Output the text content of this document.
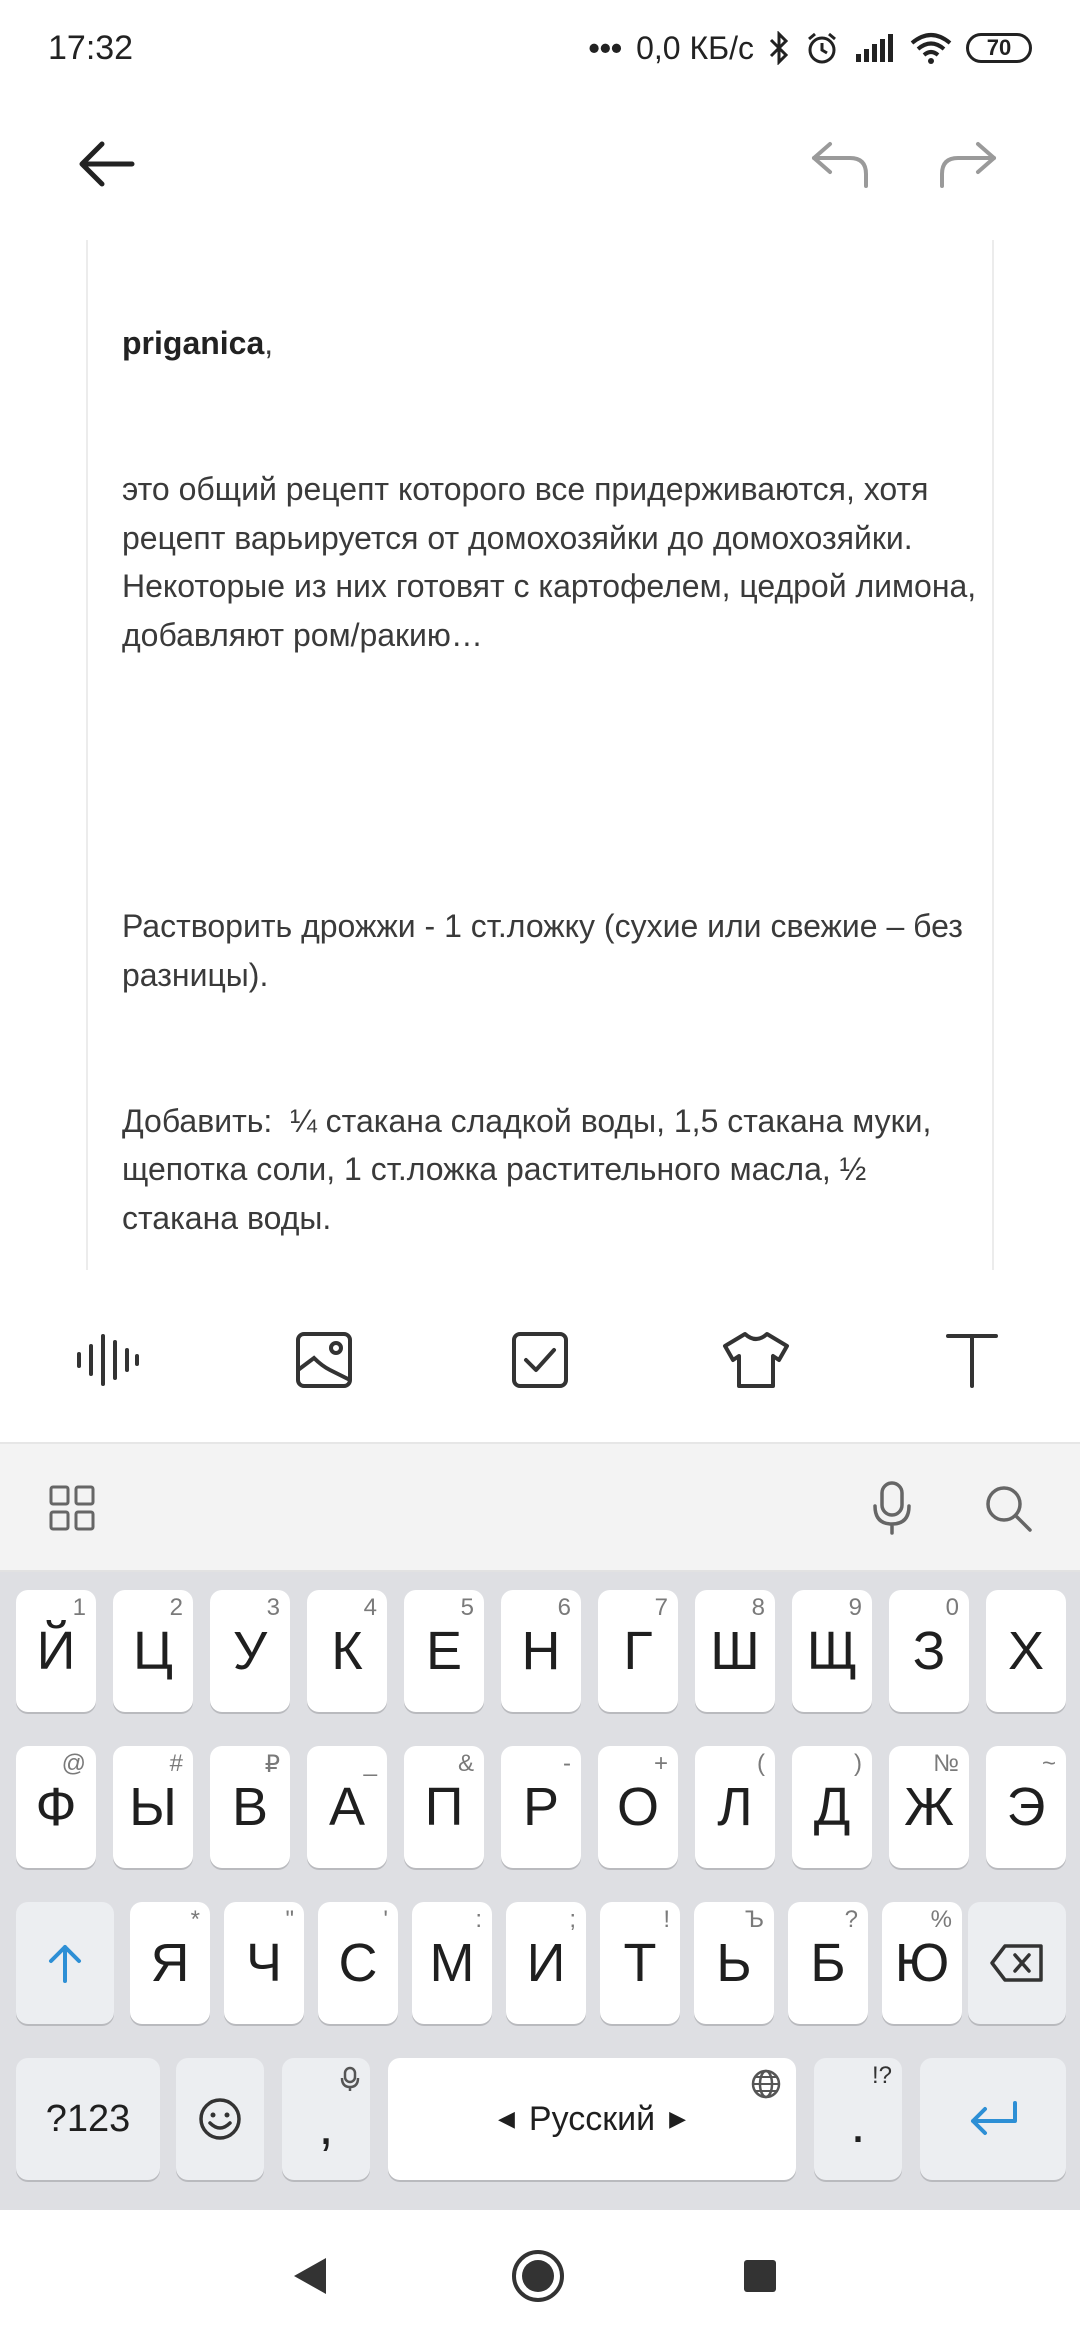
17:32	••• 0,0 КБ/с	70

priganica,

это общий рецепт которого все придерживаются, хотя рецепт варьируется от домохозяйки до домохозяйки. Некоторые из них готовят с картофелем, цедрой лимона, добавляют ром/ракию…

Растворить дрожжи - 1 ст.ложку (сухие или свежие – без разницы).

Добавить:  ¼ стакана сладкой воды, 1,5 стакана муки, щепотка соли, 1 ст.ложка растительного масла, ½ стакана воды.

Й
1
Ц
2
У
3
К
4
Е
5
Н
6
Г
7
Ш
8
Щ
9
З
0
Х
Ф
@
Ы
#
В
₽
А
_
П
&
Р
-
О
+
Л
(
Д
)
Ж
№
Э
~
Я
*
Ч
"
С
'
М
:
И
;
Т
!
Ь
Ъ
Б
?
Ю
%
?123	,	◀ Русский ▶	.
!?
